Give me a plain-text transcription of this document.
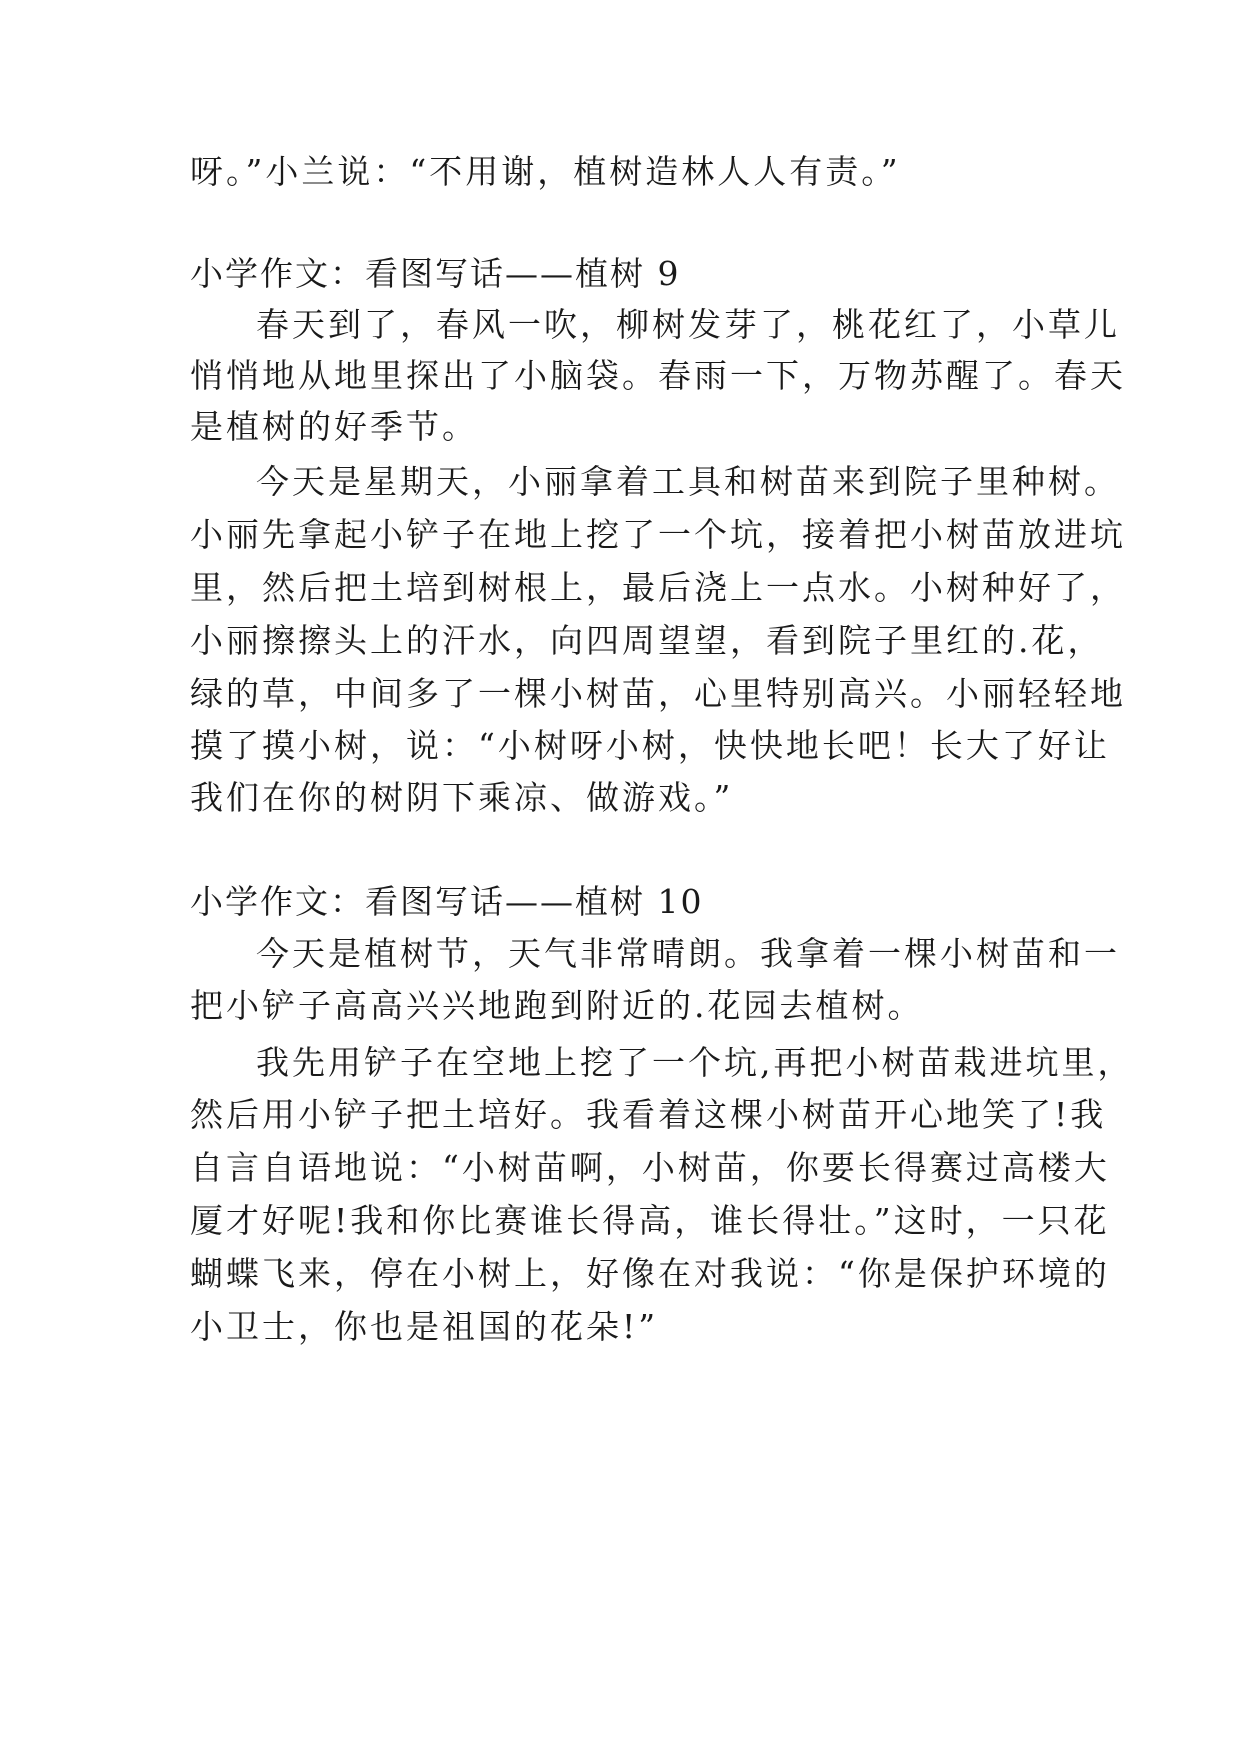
呀。”小兰说：“不用谢，植树造林人人有责。”
小学作文：看图写话——植树 9
春天到了，春风一吹，柳树发芽了，桃花红了，小草儿
悄悄地从地里探出了小脑袋。春雨一下，万物苏醒了。春天
是植树的好季节。
今天是星期天，小丽拿着工具和树苗来到院子里种树。
小丽先拿起小铲子在地上挖了一个坑，接着把小树苗放进坑
里，然后把土培到树根上，最后浇上一点水。小树种好了，
小丽擦擦头上的汗水，向四周望望，看到院子里红的.花，
绿的草，中间多了一棵小树苗，心里特别高兴。小丽轻轻地
摸了摸小树，说：“小树呀小树，快快地长吧！长大了好让
我们在你的树阴下乘凉、做游戏。”
小学作文：看图写话——植树 10
今天是植树节，天气非常晴朗。我拿着一棵小树苗和一
把小铲子高高兴兴地跑到附近的.花园去植树。
我先用铲子在空地上挖了一个坑,再把小树苗栽进坑里，
然后用小铲子把土培好。我看着这棵小树苗开心地笑了!我
自言自语地说：“小树苗啊，小树苗，你要长得赛过高楼大
厦才好呢!我和你比赛谁长得高，谁长得壮。”这时，一只花
蝴蝶飞来，停在小树上，好像在对我说：“你是保护环境的
小卫士，你也是祖国的花朵!”
